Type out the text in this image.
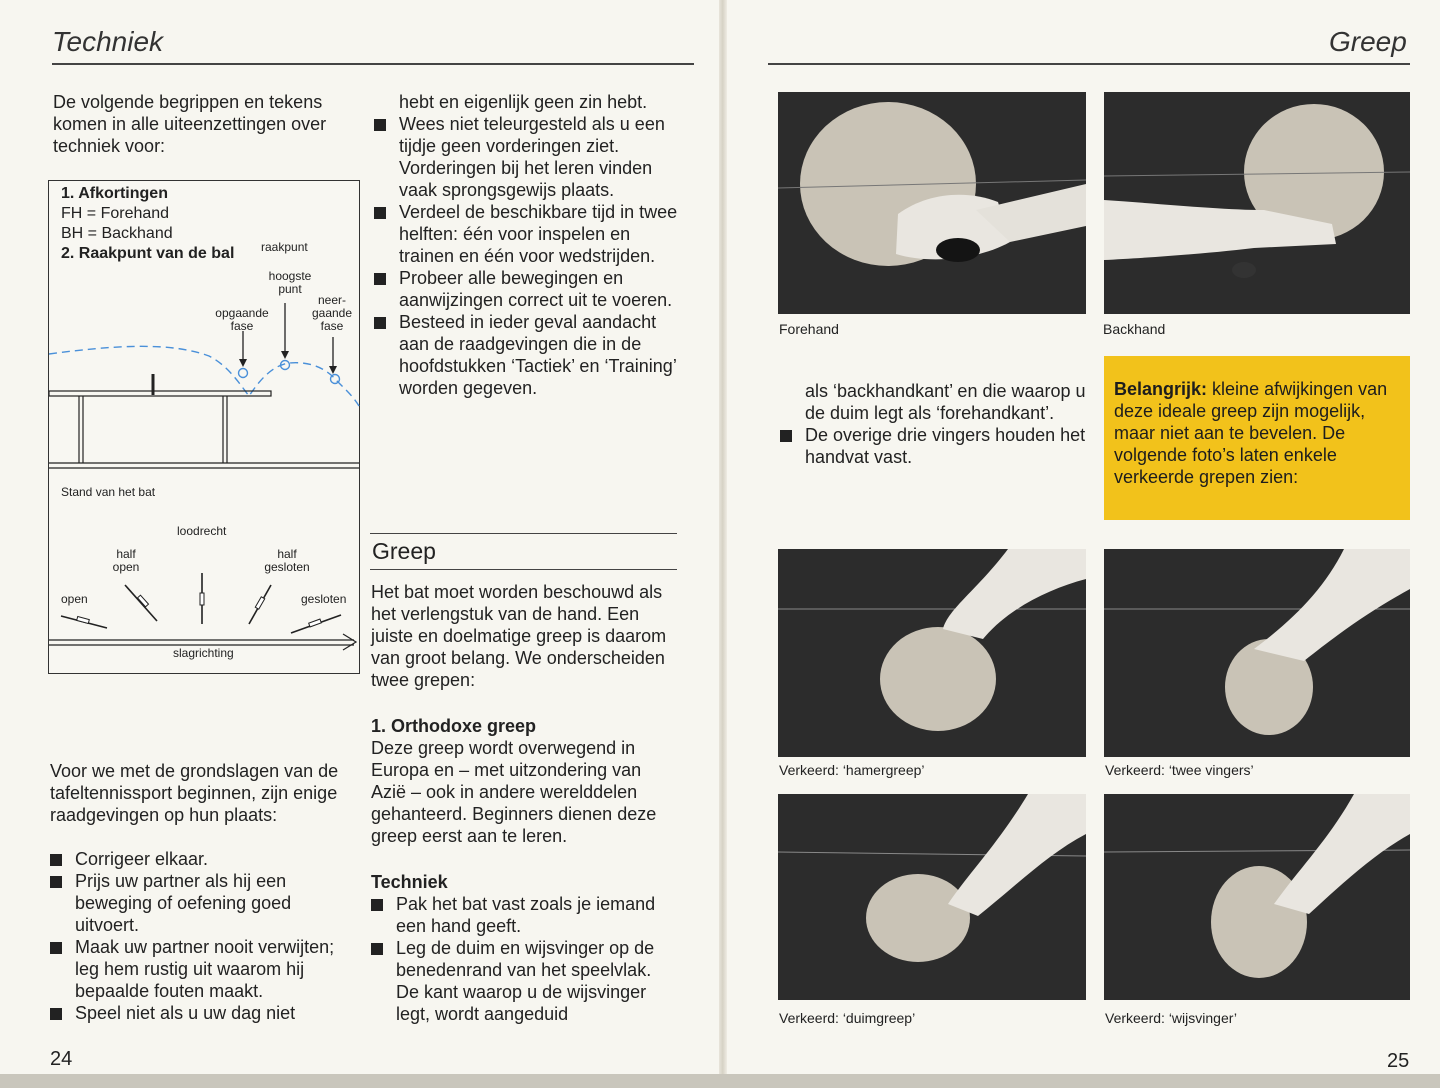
Techniek
De volgende begrippen en tekens komen in alle uiteenzettingen over techniek voor:
1. Afkortingen
FH = Forehand
BH = Backhand
2. Raakpunt van de bal raakpunt
hoogste punt
opgaande fase
neer-gaande fase
Stand van het bat
loodrecht
half open
half gesloten
open	gesloten
slagrichting
Voor we met de grondslagen van de tafeltennissport beginnen, zijn enige raadgevingen op hun plaats:
Corrigeer elkaar.
Prijs uw partner als hij een beweging of oefening goed uitvoert.
Maak uw partner nooit verwijten; leg hem rustig uit waarom hij bepaalde fouten maakt.
Speel niet als u uw dag niet
hebt en eigenlijk geen zin hebt.
Wees niet teleurgesteld als u een tijdje geen vorderingen ziet. Vorderingen bij het leren vinden vaak sprongsgewijs plaats.
Verdeel de beschikbare tijd in twee helften: één voor inspelen en trainen en één voor wedstrijden.
Probeer alle bewegingen en aanwijzingen correct uit te voeren.
Besteed in ieder geval aandacht aan de raadgevingen die in de hoofdstukken ‘Tactiek’ en ‘Training’ worden gegeven.
Greep
Het bat moet worden beschouwd als het verlengstuk van de hand. Een juiste en doelmatige greep is daarom van groot belang. We onderscheiden twee grepen:
1. Orthodoxe greep
Deze greep wordt overwegend in Europa en – met uitzondering van Azië – ook in andere werelddelen gehanteerd. Beginners dienen deze greep eerst aan te leren.
Techniek
Pak het bat vast zoals je iemand een hand geeft.
Leg de duim en wijsvinger op de benedenrand van het speelvlak. De kant waarop u de wijsvinger legt, wordt aangeduid
24
Greep
Forehand	Backhand
als ‘backhandkant’ en die waarop u de duim legt als ‘forehandkant’.
De overige drie vingers houden het handvat vast.
Belangrijk: kleine afwijkingen van deze ideale greep zijn mogelijk, maar niet aan te bevelen. De volgende foto’s laten enkele verkeerde grepen zien:
Verkeerd: ‘hamergreep’	Verkeerd: ‘twee vingers’
Verkeerd: ‘duimgreep’	Verkeerd: ‘wijsvinger’
25
